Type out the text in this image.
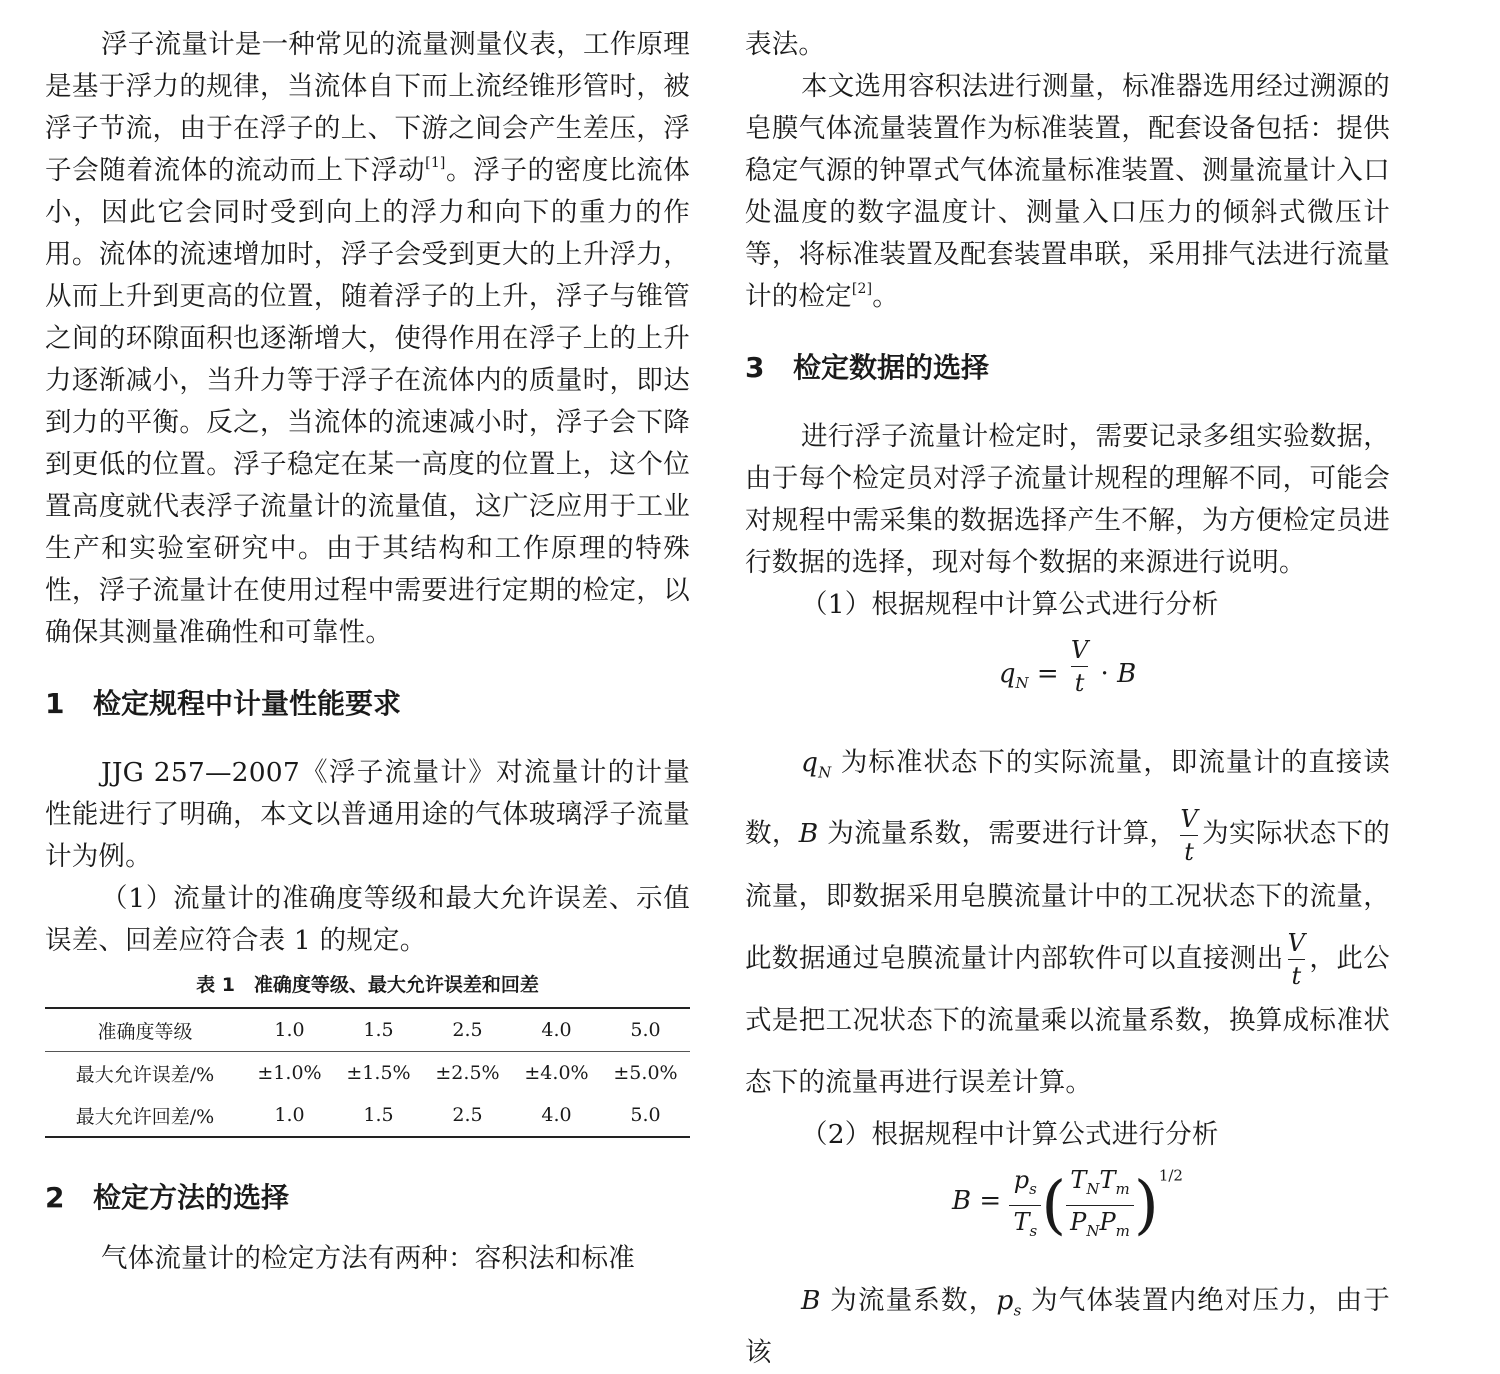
浮子流量计是一种常见的流量测量仪表，工作原理是基于浮力的规律，当流体自下而上流经锥形管时，被浮子节流，由于在浮子的上、下游之间会产生差压，浮子会随着流体的流动而上下浮动[1]。浮子的密度比流体小，因此它会同时受到向上的浮力和向下的重力的作用。流体的流速增加时，浮子会受到更大的上升浮力，从而上升到更高的位置，随着浮子的上升，浮子与锥管之间的环隙面积也逐渐增大，使得作用在浮子上的上升力逐渐减小，当升力等于浮子在流体内的质量时，即达到力的平衡。反之，当流体的流速减小时，浮子会下降到更低的位置。浮子稳定在某一高度的位置上，这个位置高度就代表浮子流量计的流量值，这广泛应用于工业生产和实验室研究中。由于其结构和工作原理的特殊性，浮子流量计在使用过程中需要进行定期的检定，以确保其测量准确性和可靠性。

1 检定规程中计量性能要求

JJG 257—2007《浮子流量计》对流量计的计量性能进行了明确，本文以普通用途的气体玻璃浮子流量计为例。

（1）流量计的准确度等级和最大允许误差、示值误差、回差应符合表 1 的规定。

表 1　准确度等级、最大允许误差和回差
准确度等级	1.0	1.5	2.5	4.0	5.0
最大允许误差/%	±1.0%	±1.5%	±2.5%	±4.0%	±5.0%
最大允许回差/%	1.0	1.5	2.5	4.0	5.0
2 检定方法的选择

气体流量计的检定方法有两种：容积法和标准

表法。

本文选用容积法进行测量，标准器选用经过溯源的皂膜气体流量装置作为标准装置，配套设备包括：提供稳定气源的钟罩式气体流量标准装置、测量流量计入口处温度的数字温度计、测量入口压力的倾斜式微压计等，将标准装置及配套装置串联，采用排气法进行流量计的检定[2]。

3 检定数据的选择

进行浮子流量计检定时，需要记录多组实验数据，由于每个检定员对浮子流量计规程的理解不同，可能会对规程中需采集的数据选择产生不解，为方便检定员进行数据的选择，现对每个数据的来源进行说明。

（1）根据规程中计算公式进行分析

$q_N = \frac{V}{t} \cdot B$

$q_N$ 为标准状态下的实际流量，即流量计的直接读数，B 为流量系数，需要进行计算， $\frac{V}{t}$ 为实际状态下的流量，即数据采用皂膜流量计中的工况状态下的流量，此数据通过皂膜流量计内部软件可以直接测出 $\frac{V}{t}$ ，此公式是把工况状态下的流量乘以流量系数，换算成标准状态下的流量再进行误差计算。

（2）根据规程中计算公式进行分析

$B = \frac{p_s}{T_s}$ ( $\frac{T_NT_m}{P_NP_m} )^{1/2}$

B 为流量系数，$p_s$ 为气体装置内绝对压力，由于该
